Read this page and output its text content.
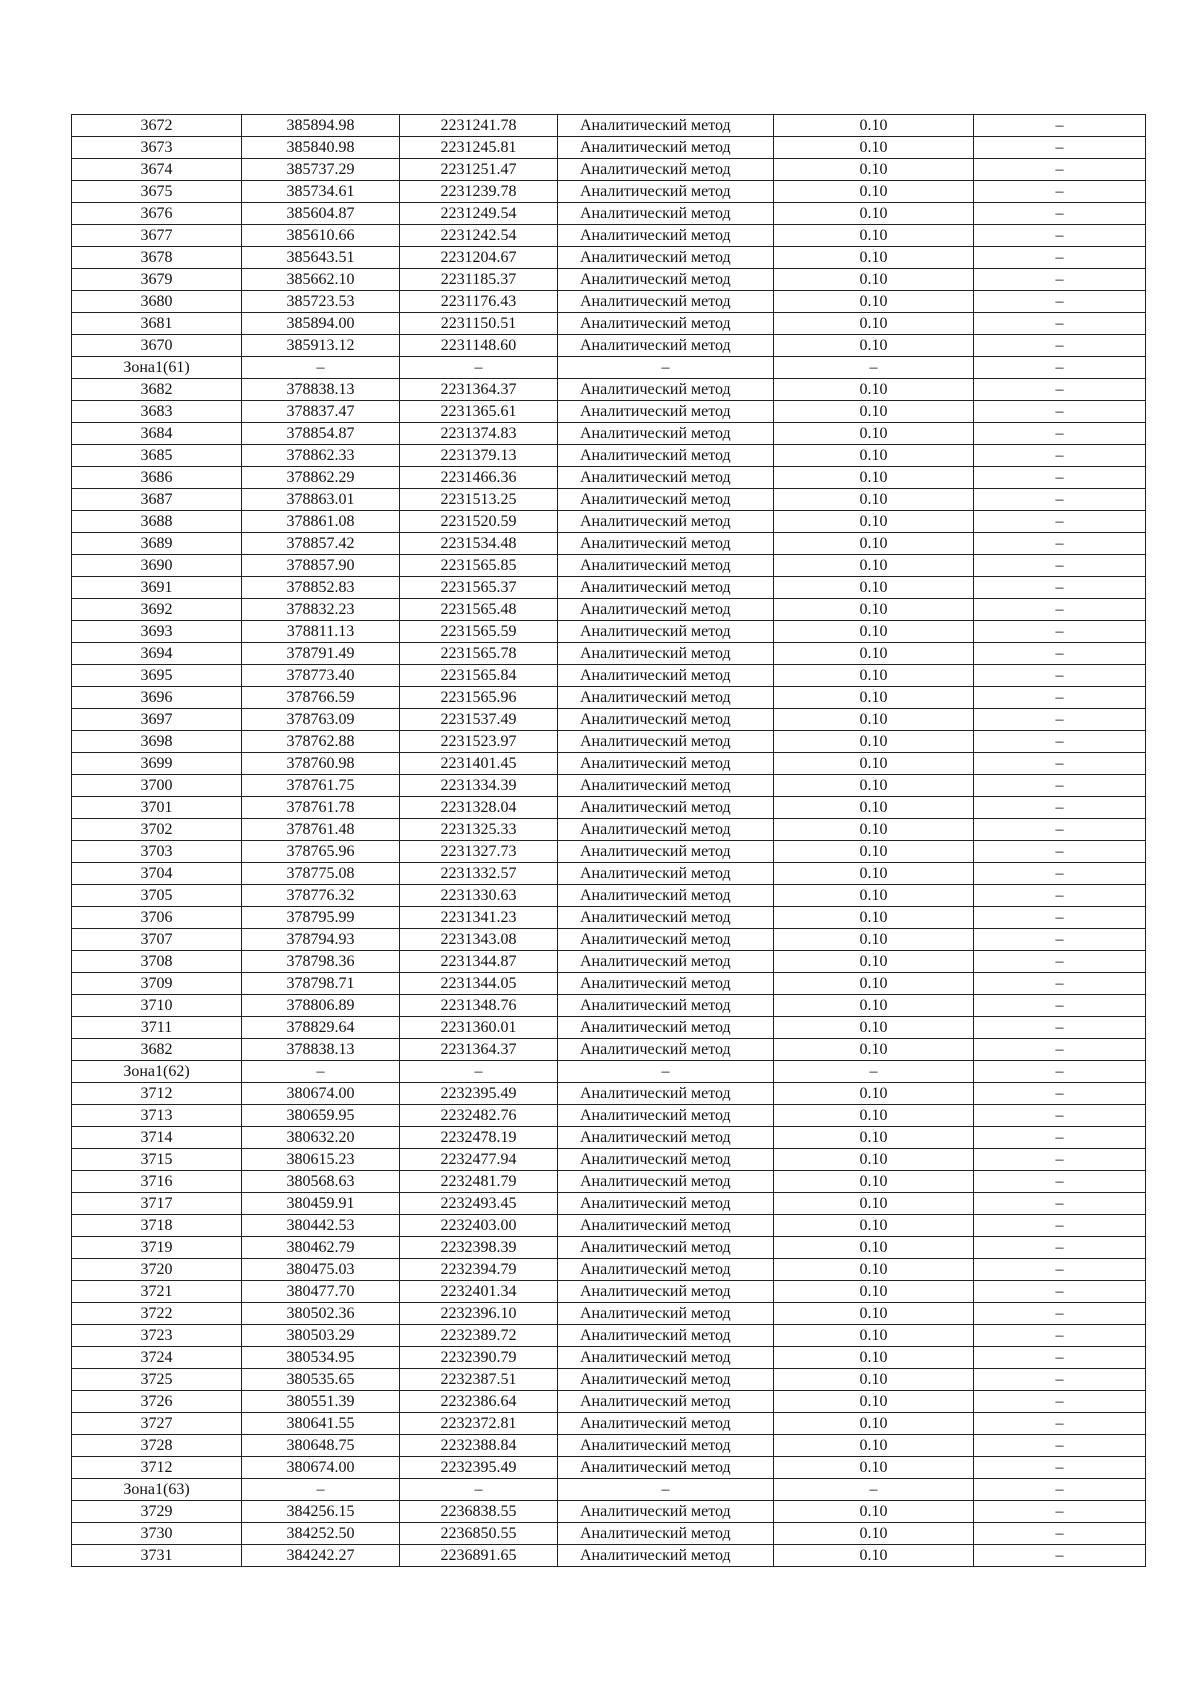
3672	385894.98	2231241.78	Аналитический метод	0.10	–
3673	385840.98	2231245.81	Аналитический метод	0.10	–
3674	385737.29	2231251.47	Аналитический метод	0.10	–
3675	385734.61	2231239.78	Аналитический метод	0.10	–
3676	385604.87	2231249.54	Аналитический метод	0.10	–
3677	385610.66	2231242.54	Аналитический метод	0.10	–
3678	385643.51	2231204.67	Аналитический метод	0.10	–
3679	385662.10	2231185.37	Аналитический метод	0.10	–
3680	385723.53	2231176.43	Аналитический метод	0.10	–
3681	385894.00	2231150.51	Аналитический метод	0.10	–
3670	385913.12	2231148.60	Аналитический метод	0.10	–
Зона1(61)	–	–	–	–	–
3682	378838.13	2231364.37	Аналитический метод	0.10	–
3683	378837.47	2231365.61	Аналитический метод	0.10	–
3684	378854.87	2231374.83	Аналитический метод	0.10	–
3685	378862.33	2231379.13	Аналитический метод	0.10	–
3686	378862.29	2231466.36	Аналитический метод	0.10	–
3687	378863.01	2231513.25	Аналитический метод	0.10	–
3688	378861.08	2231520.59	Аналитический метод	0.10	–
3689	378857.42	2231534.48	Аналитический метод	0.10	–
3690	378857.90	2231565.85	Аналитический метод	0.10	–
3691	378852.83	2231565.37	Аналитический метод	0.10	–
3692	378832.23	2231565.48	Аналитический метод	0.10	–
3693	378811.13	2231565.59	Аналитический метод	0.10	–
3694	378791.49	2231565.78	Аналитический метод	0.10	–
3695	378773.40	2231565.84	Аналитический метод	0.10	–
3696	378766.59	2231565.96	Аналитический метод	0.10	–
3697	378763.09	2231537.49	Аналитический метод	0.10	–
3698	378762.88	2231523.97	Аналитический метод	0.10	–
3699	378760.98	2231401.45	Аналитический метод	0.10	–
3700	378761.75	2231334.39	Аналитический метод	0.10	–
3701	378761.78	2231328.04	Аналитический метод	0.10	–
3702	378761.48	2231325.33	Аналитический метод	0.10	–
3703	378765.96	2231327.73	Аналитический метод	0.10	–
3704	378775.08	2231332.57	Аналитический метод	0.10	–
3705	378776.32	2231330.63	Аналитический метод	0.10	–
3706	378795.99	2231341.23	Аналитический метод	0.10	–
3707	378794.93	2231343.08	Аналитический метод	0.10	–
3708	378798.36	2231344.87	Аналитический метод	0.10	–
3709	378798.71	2231344.05	Аналитический метод	0.10	–
3710	378806.89	2231348.76	Аналитический метод	0.10	–
3711	378829.64	2231360.01	Аналитический метод	0.10	–
3682	378838.13	2231364.37	Аналитический метод	0.10	–
Зона1(62)	–	–	–	–	–
3712	380674.00	2232395.49	Аналитический метод	0.10	–
3713	380659.95	2232482.76	Аналитический метод	0.10	–
3714	380632.20	2232478.19	Аналитический метод	0.10	–
3715	380615.23	2232477.94	Аналитический метод	0.10	–
3716	380568.63	2232481.79	Аналитический метод	0.10	–
3717	380459.91	2232493.45	Аналитический метод	0.10	–
3718	380442.53	2232403.00	Аналитический метод	0.10	–
3719	380462.79	2232398.39	Аналитический метод	0.10	–
3720	380475.03	2232394.79	Аналитический метод	0.10	–
3721	380477.70	2232401.34	Аналитический метод	0.10	–
3722	380502.36	2232396.10	Аналитический метод	0.10	–
3723	380503.29	2232389.72	Аналитический метод	0.10	–
3724	380534.95	2232390.79	Аналитический метод	0.10	–
3725	380535.65	2232387.51	Аналитический метод	0.10	–
3726	380551.39	2232386.64	Аналитический метод	0.10	–
3727	380641.55	2232372.81	Аналитический метод	0.10	–
3728	380648.75	2232388.84	Аналитический метод	0.10	–
3712	380674.00	2232395.49	Аналитический метод	0.10	–
Зона1(63)	–	–	–	–	–
3729	384256.15	2236838.55	Аналитический метод	0.10	–
3730	384252.50	2236850.55	Аналитический метод	0.10	–
3731	384242.27	2236891.65	Аналитический метод	0.10	–
